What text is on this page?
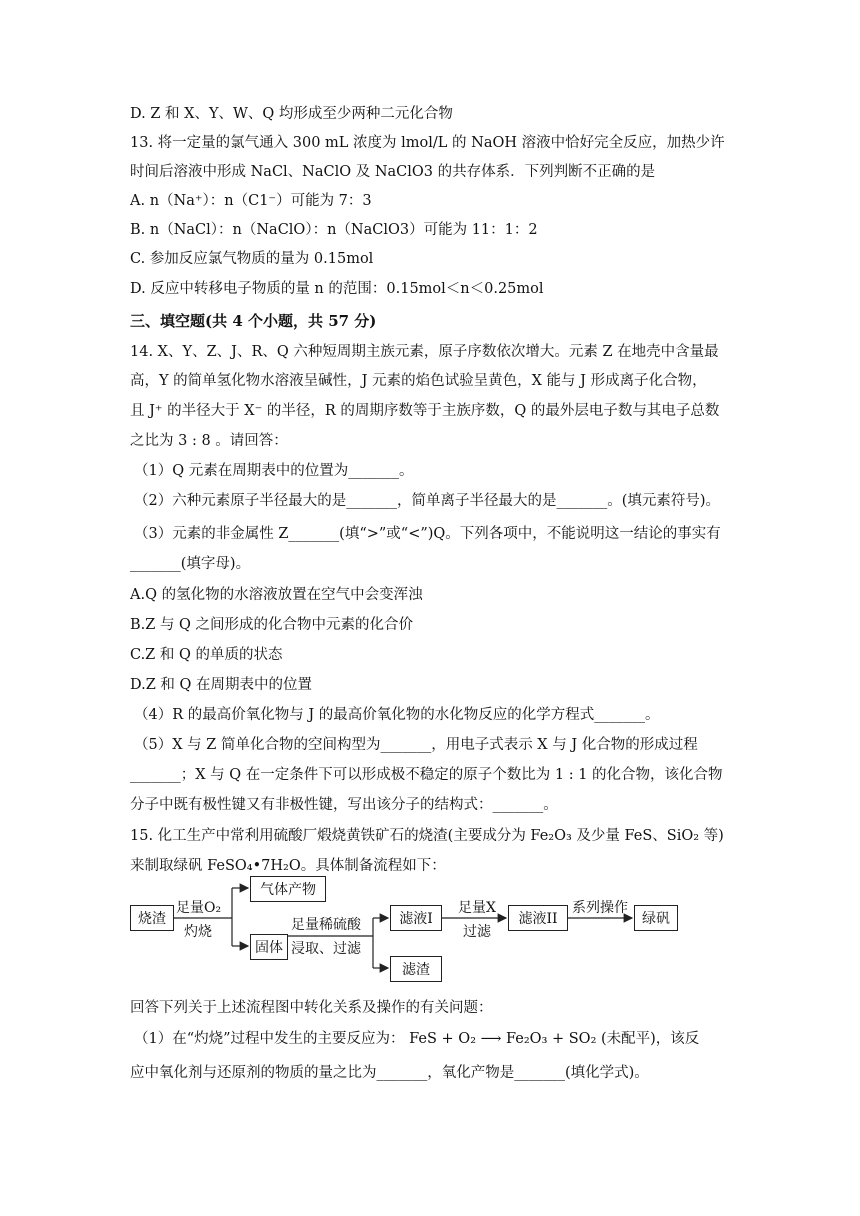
D. Z 和 X、Y、W、Q 均形成至少两种二元化合物
13. 将一定量的氯气通入 300 mL 浓度为 lmol/L 的 NaOH 溶液中恰好完全反应，加热少许
时间后溶液中形成 NaCl、NaClO 及 NaClO3 的共存体系．下列判断不正确的是
A. n（Na⁺）：n（C1⁻）可能为 7：3
B. n（NaCl）：n（NaClO）：n（NaClO3）可能为 11：1：2
C. 参加反应氯气物质的量为 0.15mol
D. 反应中转移电子物质的量 n 的范围：0.15mol＜n＜0.25mol
三、填空题(共 4 个小题，共 57 分)
14. X、Y、Z、J、R、Q 六种短周期主族元素，原子序数依次增大。元素 Z 在地壳中含量最
高，Y 的简单氢化物水溶液呈碱性，J 元素的焰色试验呈黄色，X 能与 J 形成离子化合物，
且 J⁺ 的半径大于 X⁻ 的半径，R 的周期序数等于主族序数，Q 的最外层电子数与其电子总数
之比为 3 : 8 。请回答：
（1）Q 元素在周期表中的位置为_______。
（2）六种元素原子半径最大的是_______，简单离子半径最大的是_______。(填元素符号)。
（3）元素的非金属性 Z_______(填“>”或“<”)Q。下列各项中，不能说明这一结论的事实有
_______(填字母)。
A.Q 的氢化物的水溶液放置在空气中会变浑浊
B.Z 与 Q 之间形成的化合物中元素的化合价
C.Z 和 Q 的单质的状态
D.Z 和 Q 在周期表中的位置
（4）R 的最高价氧化物与 J 的最高价氧化物的水化物反应的化学方程式_______。
（5）X 与 Z 简单化合物的空间构型为_______，用电子式表示 X 与 J 化合物的形成过程
_______；X 与 Q 在一定条件下可以形成极不稳定的原子个数比为 1 : 1 的化合物，该化合物
分子中既有极性键又有非极性键，写出该分子的结构式：_______。
15. 化工生产中常利用硫酸厂煅烧黄铁矿石的烧渣(主要成分为 Fe₂O₃ 及少量 FeS、SiO₂ 等)
来制取绿矾 FeSO₄•7H₂O。具体制备流程如下：
烧渣
足量O₂
灼烧
气体产物
固体
足量稀硫酸
浸取、过滤
滤液I
滤渣
足量X
过滤
滤液II
系列操作
绿矾
回答下列关于上述流程图中转化关系及操作的有关问题：
（1）在“灼烧”过程中发生的主要反应为： FeS + O₂ ⟶ Fe₂O₃ + SO₂ (未配平)，该反
应中氧化剂与还原剂的物质的量之比为_______，氧化产物是_______(填化学式)。
